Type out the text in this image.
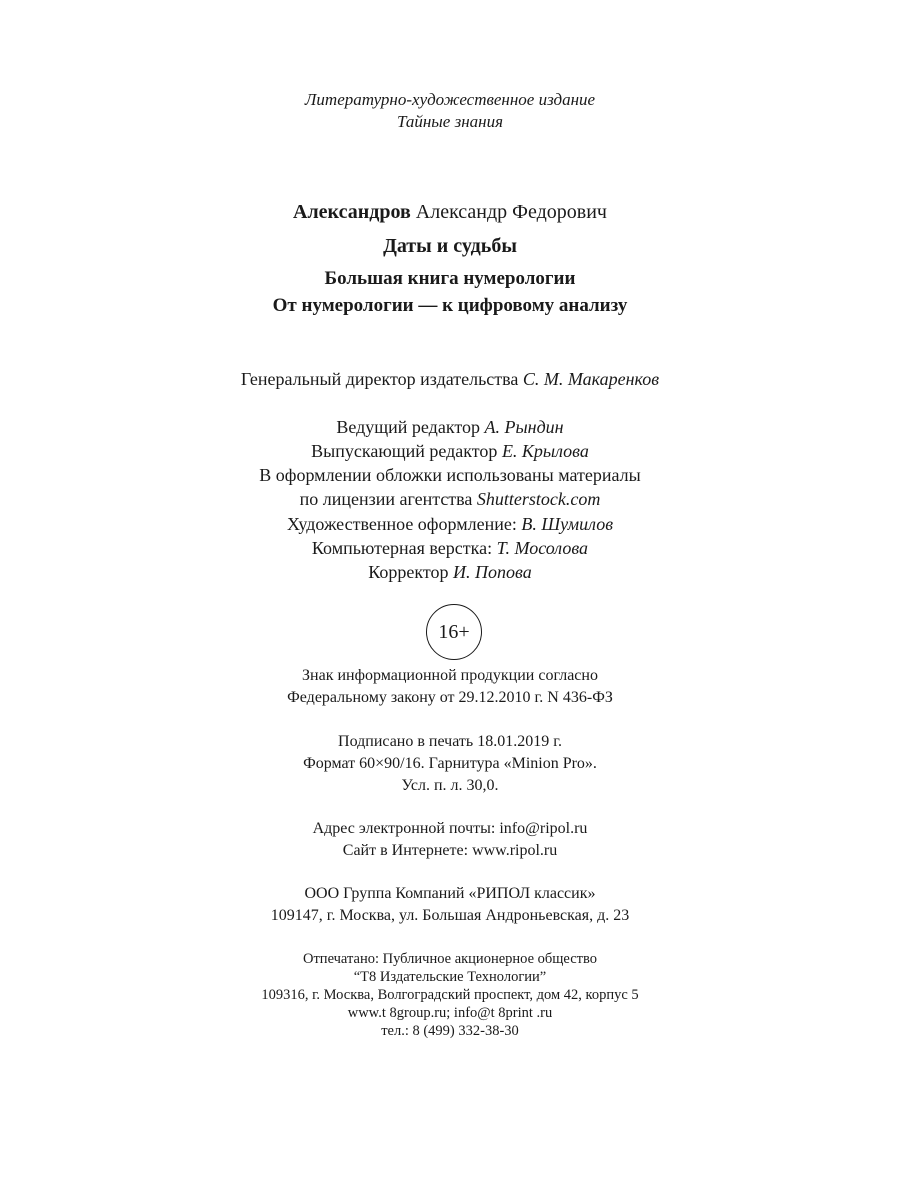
Литературно-художественное издание
Тайные знания
Александров Александр Федорович
Даты и судьбы
Большая книга нумерологии
От нумерологии — к цифровому анализу
Генеральный директор издательства С. М. Макаренков
Ведущий редактор А. Рындин
Выпускающий редактор Е. Крылова
В оформлении обложки использованы материалы
по лицензии агентства Shutterstock.com
Художественное оформление: В. Шумилов
Компьютерная верстка: Т. Мосолова
Корректор И. Попова
16+
Знак информационной продукции согласно
Федеральному закону от 29.12.2010 г. N 436-ФЗ
Подписано в печать 18.01.2019 г.
Формат 60×90/16. Гарнитура «Minion Pro».
Усл. п. л. 30,0.
Адрес электронной почты: info@ripol.ru
Сайт в Интернете: www.ripol.ru
ООО Группа Компаний «РИПОЛ классик»
109147, г. Москва, ул. Большая Андроньевская, д. 23
Отпечатано: Публичное акционерное общество
“Т8 Издательские Технологии”
109316, г. Москва, Волгоградский проспект, дом 42, корпус 5
www.t 8group.ru; info@t 8print .ru
тел.: 8 (499) 332-38-30
